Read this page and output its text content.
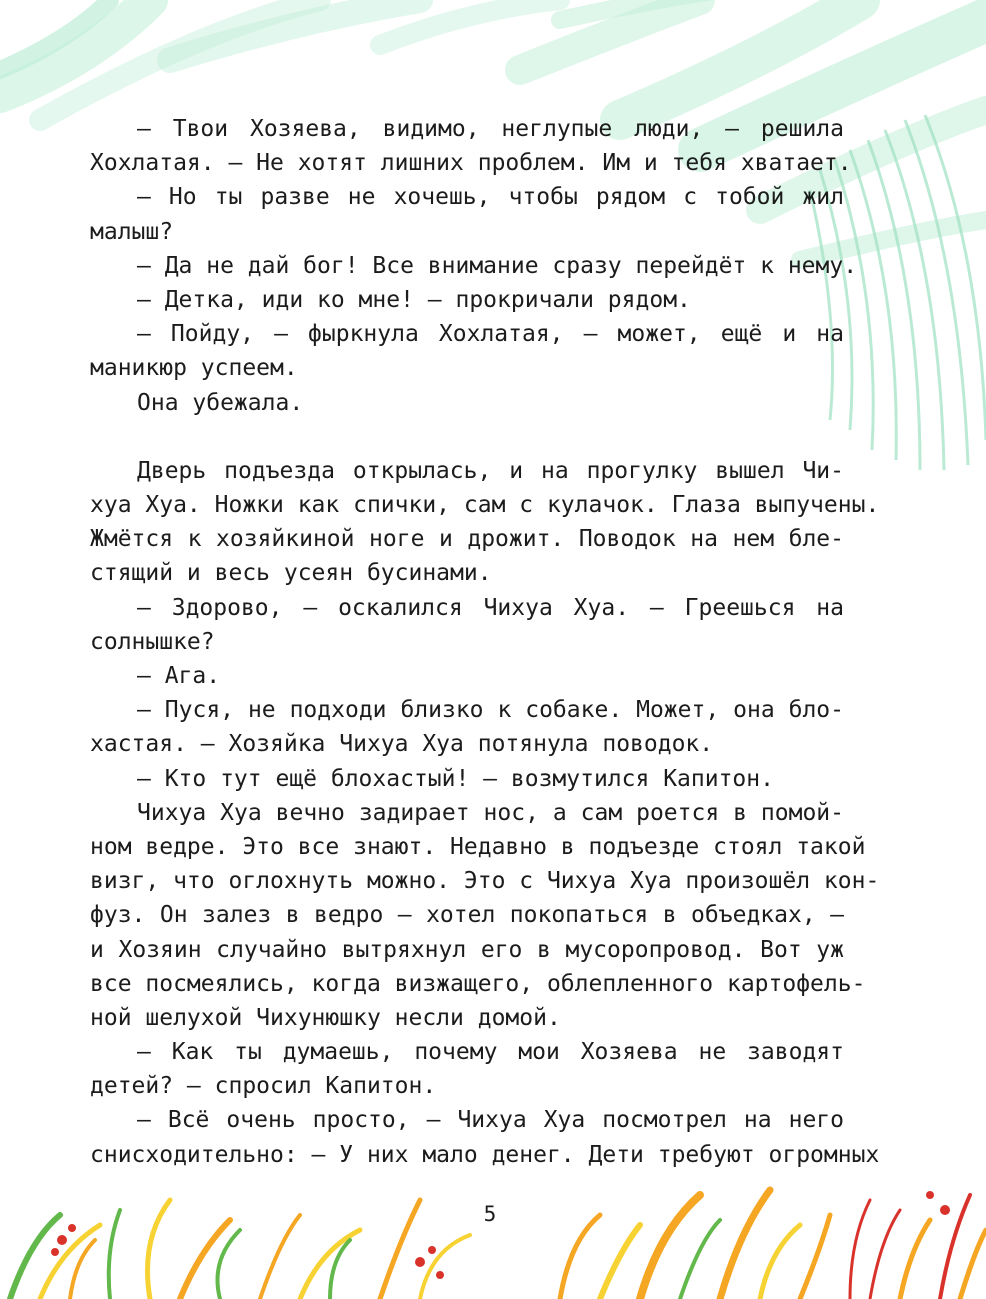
— Твои Хозяева, видимо, неглупые люди, — решила
Хохлатая. — Не хотят лишних проблем. Им и тебя хватает.
— Но ты разве не хочешь, чтобы рядом с тобой жил
малыш?
— Да не дай бог! Все внимание сразу перейдёт к нему.
— Детка, иди ко мне! — прокричали рядом.
— Пойду, — фыркнула Хохлатая, — может, ещё и на
маникюр успеем.
Она убежала.
Дверь подъезда открылась, и на прогулку вышел Чи-
хуа Хуа. Ножки как спички, сам с кулачок. Глаза выпучены.
Жмётся к хозяйкиной ноге и дрожит. Поводок на нем бле-
стящий и весь усеян бусинами.
— Здорово, — оскалился Чихуа Хуа. — Греешься на
солнышке?
— Ага.
— Пуся, не подходи близко к собаке. Может, она бло-
хастая. — Хозяйка Чихуа Хуа потянула поводок.
— Кто тут ещё блохастый! — возмутился Капитон.
Чихуа Хуа вечно задирает нос, а сам роется в помой-
ном ведре. Это все знают. Недавно в подъезде стоял такой
визг, что оглохнуть можно. Это с Чихуа Хуа произошёл кон-
фуз. Он залез в ведро — хотел покопаться в объедках, —
и Хозяин случайно вытряхнул его в мусоропровод. Вот уж
все посмеялись, когда визжащего, облепленного картофель-
ной шелухой Чихунюшку несли домой.
— Как ты думаешь, почему мои Хозяева не заводят
детей? — спросил Капитон.
— Всё очень просто, — Чихуа Хуа посмотрел на него
снисходительно: — У них мало денег. Дети требуют огромных
5
